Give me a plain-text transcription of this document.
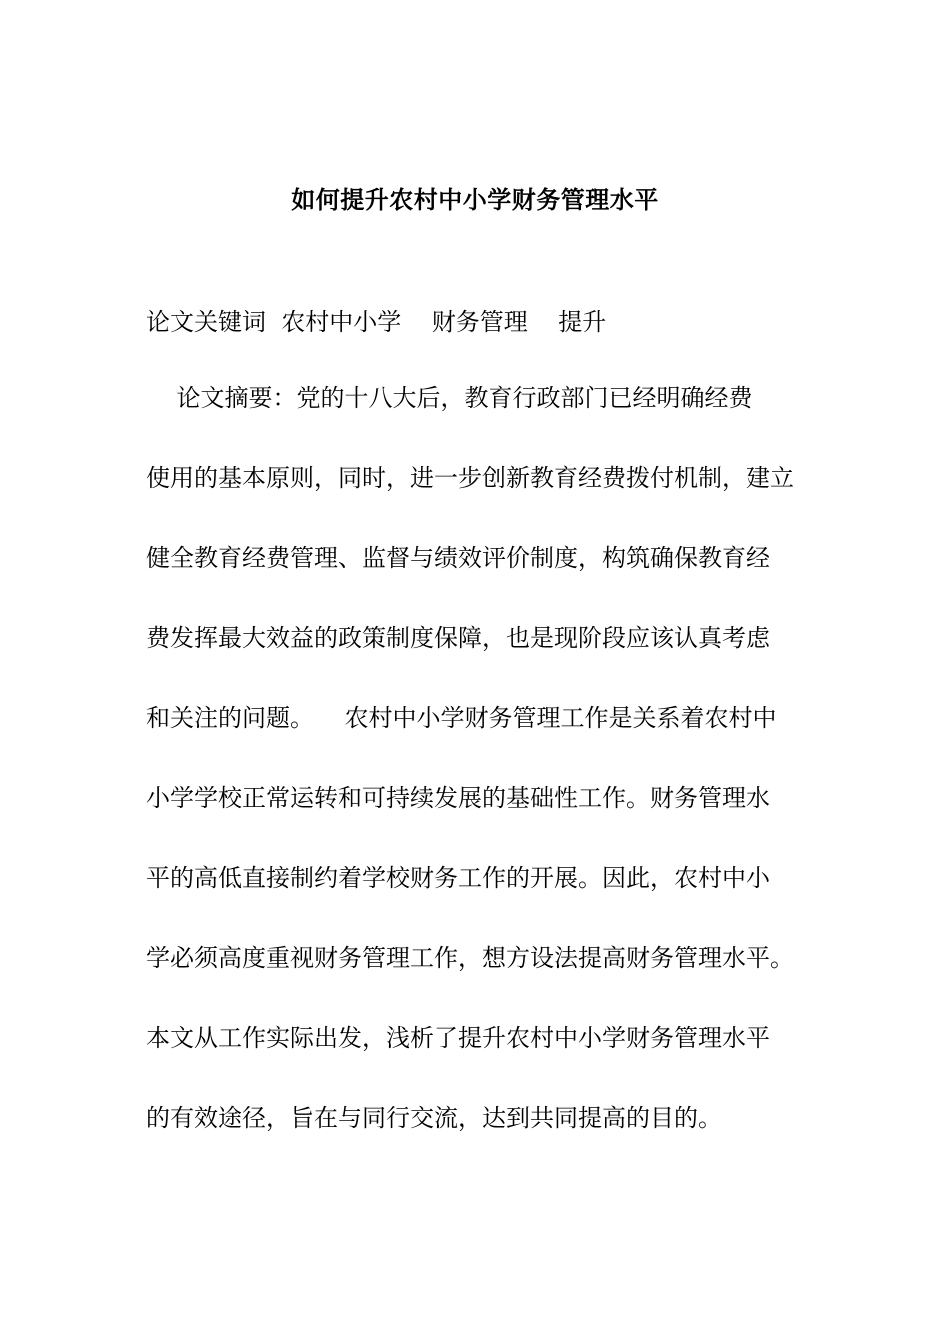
如何提升农村中小学财务管理水平
论文关键词  农村中小学    财务管理    提升
论文摘要：党的十八大后，教育行政部门已经明确经费
使用的基本原则，同时，进一步创新教育经费拨付机制，建立
健全教育经费管理、监督与绩效评价制度，构筑确保教育经
费发挥最大效益的政策制度保障，也是现阶段应该认真考虑
和关注的问题。    农村中小学财务管理工作是关系着农村中
小学学校正常运转和可持续发展的基础性工作。财务管理水
平的高低直接制约着学校财务工作的开展。因此，农村中小
学必须高度重视财务管理工作，想方设法提高财务管理水平。
本文从工作实际出发，浅析了提升农村中小学财务管理水平
的有效途径，旨在与同行交流，达到共同提高的目的。
